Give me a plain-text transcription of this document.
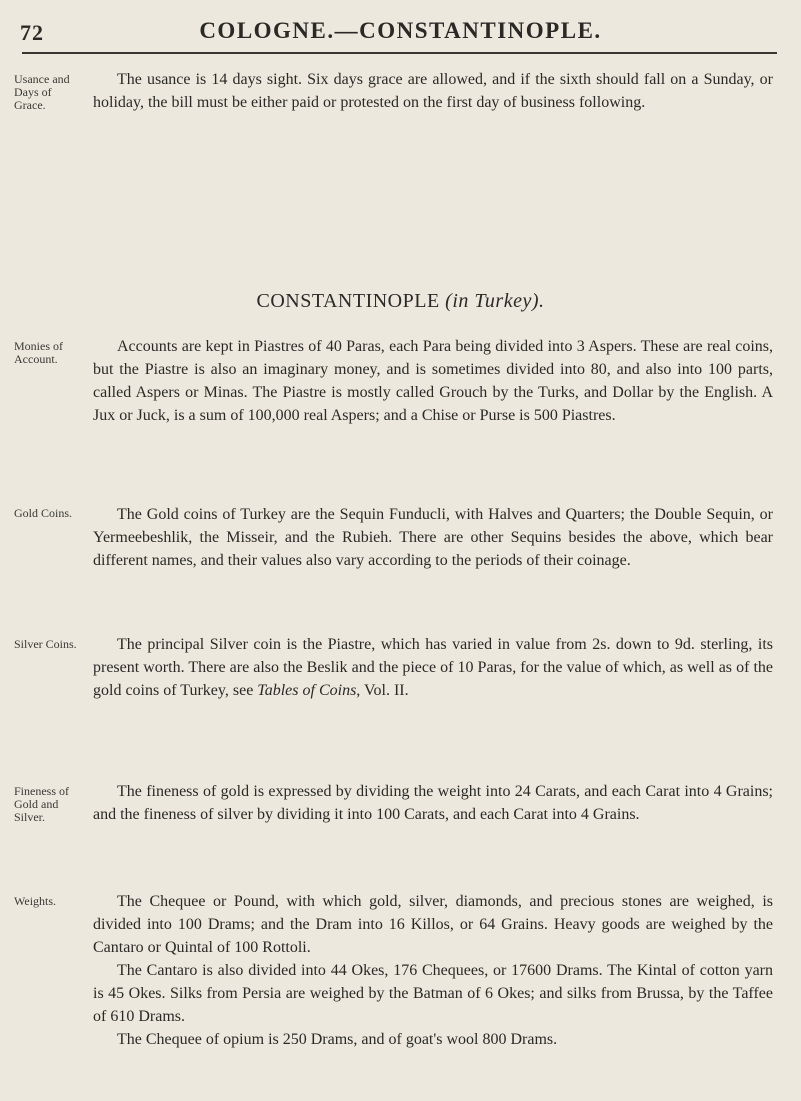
72	COLOGNE.—CONSTANTINOPLE.
Usance and Days of Grace.

The usance is 14 days sight. Six days grace are allowed, and if the sixth should fall on a Sunday, or holiday, the bill must be either paid or protested on the first day of business following.

CONSTANTINOPLE (in Turkey).
Monies of Account.

Accounts are kept in Piastres of 40 Paras, each Para being divided into 3 Aspers. These are real coins, but the Piastre is also an imaginary money, and is sometimes divided into 80, and also into 100 parts, called Aspers or Minas. The Piastre is mostly called Grouch by the Turks, and Dollar by the English. A Jux or Juck, is a sum of 100,000 real Aspers; and a Chise or Purse is 500 Piastres.

Gold Coins.	The Gold coins of Turkey are the Sequin Funducli, with Halves and Quarters; the Double Sequin, or Yermeebeshlik, the Misseir, and the Rubieh. There are other Sequins besides the above, which bear different names, and their values also vary according to the periods of their coinage.

Silver Coins.	The principal Silver coin is the Piastre, which has varied in value from 2s. down to 9d. sterling, its present worth. There are also the Beslik and the piece of 10 Paras, for the value of which, as well as of the gold coins of Turkey, see Tables of Coins, Vol. II.

Fineness of Gold and Silver.

The fineness of gold is expressed by dividing the weight into 24 Carats, and each Carat into 4 Grains; and the fineness of silver by dividing it into 100 Carats, and each Carat into 4 Grains.

Weights.	The Chequee or Pound, with which gold, silver, diamonds, and precious stones are weighed, is divided into 100 Drams; and the Dram into 16 Killos, or 64 Grains. Heavy goods are weighed by the Cantaro or Quintal of 100 Rottoli.

The Cantaro is also divided into 44 Okes, 176 Chequees, or 17600 Drams. The Kintal of cotton yarn is 45 Okes. Silks from Persia are weighed by the Batman of 6 Okes; and silks from Brussa, by the Taffee of 610 Drams.

The Chequee of opium is 250 Drams, and of goat's wool 800 Drams.
